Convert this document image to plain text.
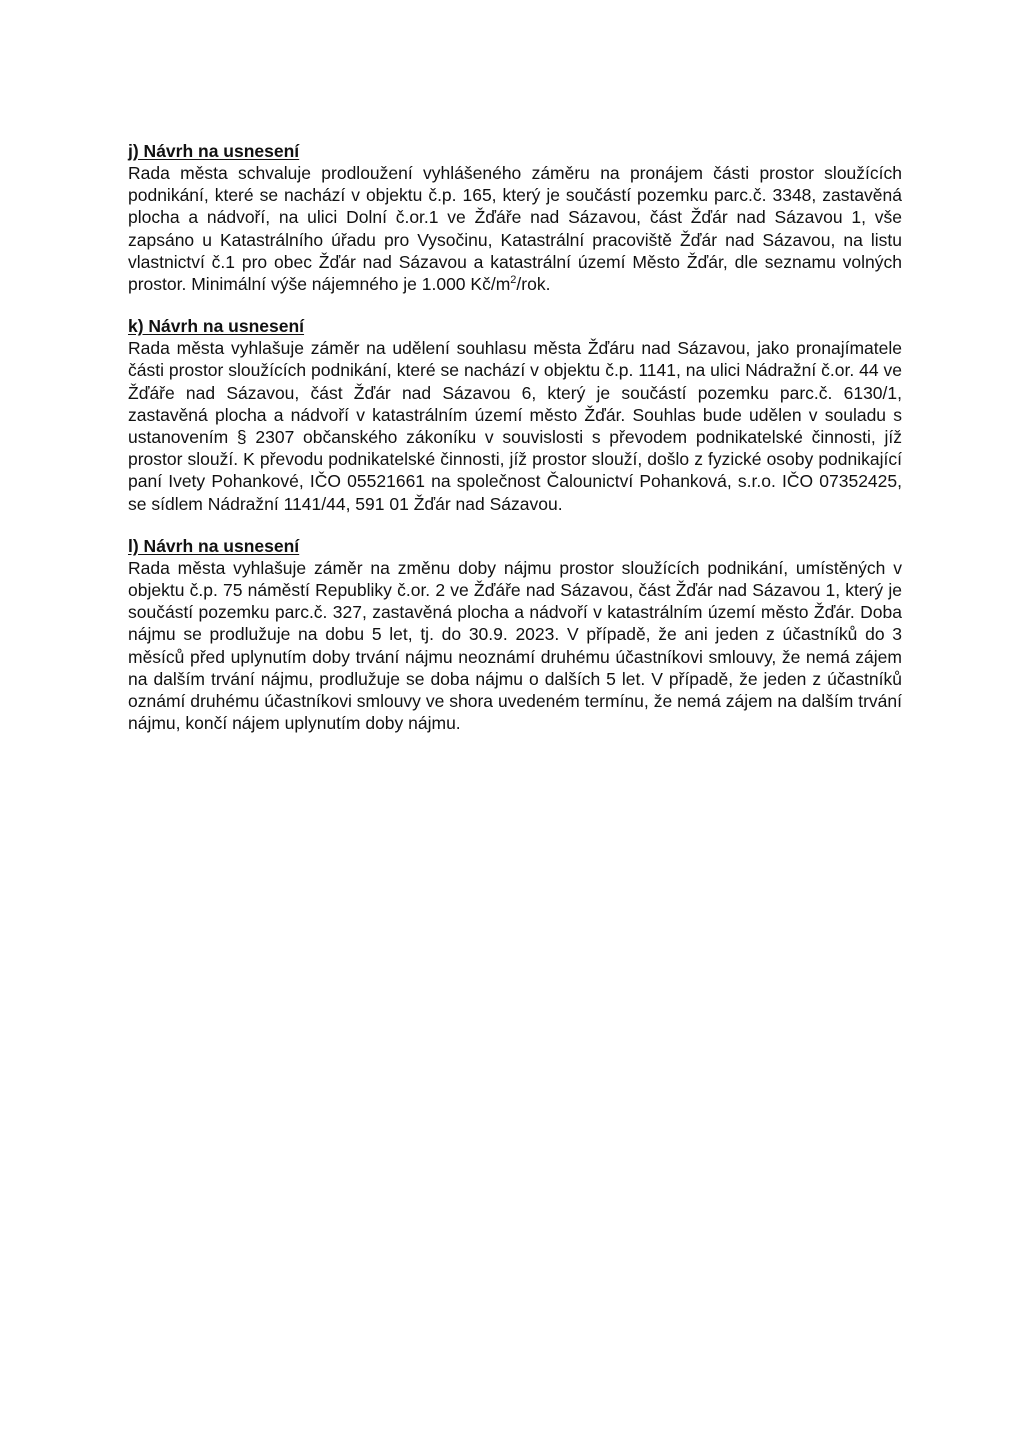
j) Návrh na usnesení

Rada města schvaluje prodloužení vyhlášeného záměru na pronájem části prostor sloužících podnikání, které se nachází v objektu č.p. 165, který je součástí pozemku parc.č. 3348, zastavěná plocha a nádvoří, na ulici Dolní č.or.1 ve Žďáře nad Sázavou, část Žďár nad Sázavou 1, vše zapsáno u Katastrálního úřadu pro Vysočinu, Katastrální pracoviště Žďár nad Sázavou, na listu vlastnictví č.1 pro obec Žďár nad Sázavou a katastrální území Město Žďár, dle seznamu volných prostor. Minimální výše nájemného je 1.000 $Kč/m^2$/rok.

k) Návrh na usnesení

Rada města vyhlašuje záměr na udělení souhlasu města Žďáru nad Sázavou, jako pronajímatele části prostor sloužících podnikání, které se nachází v objektu č.p. 1141, na ulici Nádražní č.or. 44 ve Žďáře nad Sázavou, část Žďár nad Sázavou 6, který je součástí pozemku parc.č. 6130/1, zastavěná plocha a nádvoří v katastrálním území město Žďár. Souhlas bude udělen v souladu s ustanovením § 2307 občanského zákoníku v souvislosti s převodem podnikatelské činnosti, jíž prostor slouží. K převodu podnikatelské činnosti, jíž prostor slouží, došlo z fyzické osoby podnikající paní Ivety Pohankové, IČO 05521661 na společnost Čalounictví Pohanková, s.r.o. IČO 07352425, se sídlem Nádražní 1141/44, 591 01 Žďár nad Sázavou.

l) Návrh na usnesení

Rada města vyhlašuje záměr na změnu doby nájmu prostor sloužících podnikání, umístěných v objektu č.p. 75 náměstí Republiky č.or. 2 ve Žďáře nad Sázavou, část Žďár nad Sázavou 1, který je součástí pozemku parc.č. 327, zastavěná plocha a nádvoří v katastrálním území město Žďár. Doba nájmu se prodlužuje na dobu 5 let, tj. do 30.9. 2023. V případě, že ani jeden z účastníků do 3 měsíců před uplynutím doby trvání nájmu neoznámí druhému účastníkovi smlouvy, že nemá zájem na dalším trvání nájmu, prodlužuje se doba nájmu o dalších 5 let. V případě, že jeden z účastníků oznámí druhému účastníkovi smlouvy ve shora uvedeném termínu, že nemá zájem na dalším trvání nájmu, končí nájem uplynutím doby nájmu.
